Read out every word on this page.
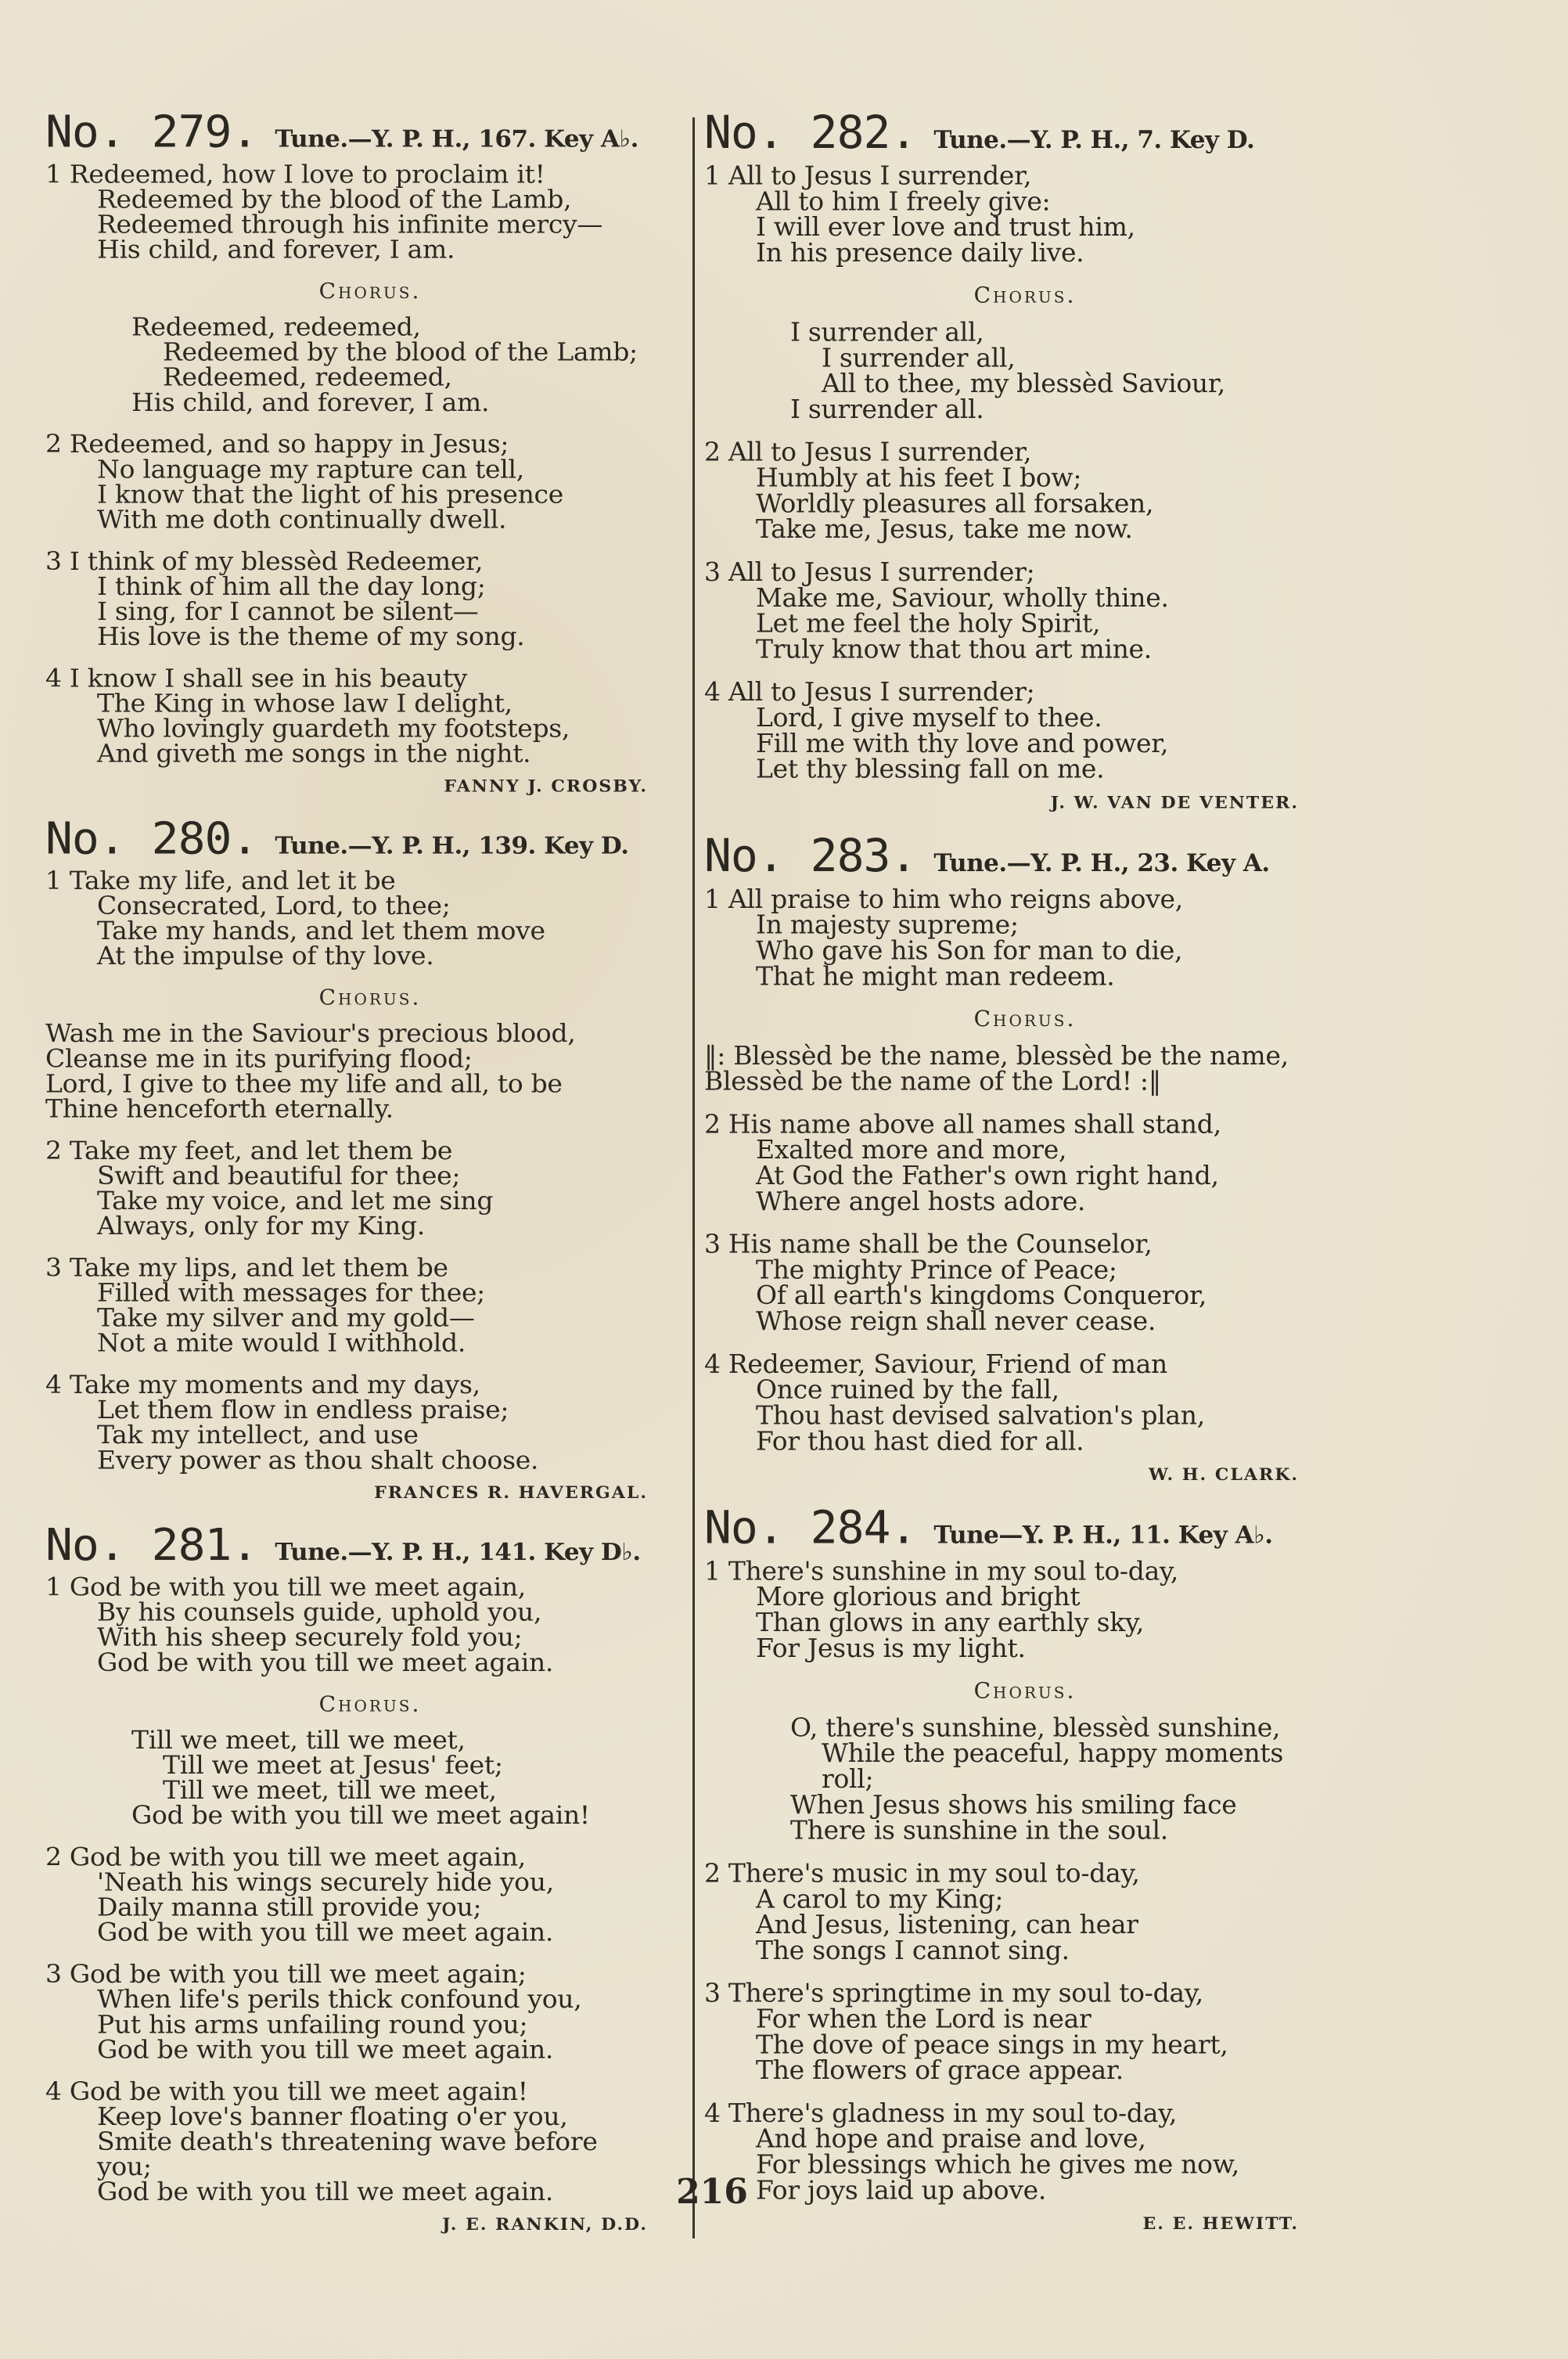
No. 279. Tune.—Y. P. H., 167. Key A♭.
1 Redeemed, how I love to proclaim it!
Redeemed by the blood of the Lamb,
Redeemed through his infinite mercy—
His child, and forever, I am.
Chorus.
Redeemed, redeemed,
Redeemed by the blood of the Lamb;
Redeemed, redeemed,
His child, and forever, I am.
2 Redeemed, and so happy in Jesus;
No language my rapture can tell,
I know that the light of his presence
With me doth continually dwell.
3 I think of my blessèd Redeemer,
I think of him all the day long;
I sing, for I cannot be silent—
His love is the theme of my song.
4 I know I shall see in his beauty
The King in whose law I delight,
Who lovingly guardeth my footsteps,
And giveth me songs in the night.
FANNY J. CROSBY.
No. 280. Tune.—Y. P. H., 139. Key D.
1 Take my life, and let it be
Consecrated, Lord, to thee;
Take my hands, and let them move
At the impulse of thy love.
Chorus.
Wash me in the Saviour's precious blood,
Cleanse me in its purifying flood;
Lord, I give to thee my life and all, to be
Thine henceforth eternally.
2 Take my feet, and let them be
Swift and beautiful for thee;
Take my voice, and let me sing
Always, only for my King.
3 Take my lips, and let them be
Filled with messages for thee;
Take my silver and my gold—
Not a mite would I withhold.
4 Take my moments and my days,
Let them flow in endless praise;
Tak my intellect, and use
Every power as thou shalt choose.
FRANCES R. HAVERGAL.
No. 281. Tune.—Y. P. H., 141. Key D♭.
1 God be with you till we meet again,
By his counsels guide, uphold you,
With his sheep securely fold you;
God be with you till we meet again.
Chorus.
Till we meet, till we meet,
Till we meet at Jesus' feet;
Till we meet, till we meet,
God be with you till we meet again!
2 God be with you till we meet again,
'Neath his wings securely hide you,
Daily manna still provide you;
God be with you till we meet again.
3 God be with you till we meet again;
When life's perils thick confound you,
Put his arms unfailing round you;
God be with you till we meet again.
4 God be with you till we meet again!
Keep love's banner floating o'er you,
Smite death's threatening wave before
you;
God be with you till we meet again.
J. E. RANKIN, D.D.
No. 282. Tune.—Y. P. H., 7. Key D.
1 All to Jesus I surrender,
All to him I freely give:
I will ever love and trust him,
In his presence daily live.
Chorus.
I surrender all,
I surrender all,
All to thee, my blessèd Saviour,
I surrender all.
2 All to Jesus I surrender,
Humbly at his feet I bow;
Worldly pleasures all forsaken,
Take me, Jesus, take me now.
3 All to Jesus I surrender;
Make me, Saviour, wholly thine.
Let me feel the holy Spirit,
Truly know that thou art mine.
4 All to Jesus I surrender;
Lord, I give myself to thee.
Fill me with thy love and power,
Let thy blessing fall on me.
J. W. VAN DE VENTER.
No. 283. Tune.—Y. P. H., 23. Key A.
1 All praise to him who reigns above,
In majesty supreme;
Who gave his Son for man to die,
That he might man redeem.
Chorus.
‖: Blessèd be the name, blessèd be the name,
Blessèd be the name of the Lord! :‖
2 His name above all names shall stand,
Exalted more and more,
At God the Father's own right hand,
Where angel hosts adore.
3 His name shall be the Counselor,
The mighty Prince of Peace;
Of all earth's kingdoms Conqueror,
Whose reign shall never cease.
4 Redeemer, Saviour, Friend of man
Once ruined by the fall,
Thou hast devised salvation's plan,
For thou hast died for all.
W. H. CLARK.
No. 284. Tune—Y. P. H., 11. Key A♭.
1 There's sunshine in my soul to-day,
More glorious and bright
Than glows in any earthly sky,
For Jesus is my light.
Chorus.
O, there's sunshine, blessèd sunshine,
While the peaceful, happy moments
roll;
When Jesus shows his smiling face
There is sunshine in the soul.
2 There's music in my soul to-day,
A carol to my King;
And Jesus, listening, can hear
The songs I cannot sing.
3 There's springtime in my soul to-day,
For when the Lord is near
The dove of peace sings in my heart,
The flowers of grace appear.
4 There's gladness in my soul to-day,
And hope and praise and love,
For blessings which he gives me now,
For joys laid up above.
E. E. HEWITT.
216
